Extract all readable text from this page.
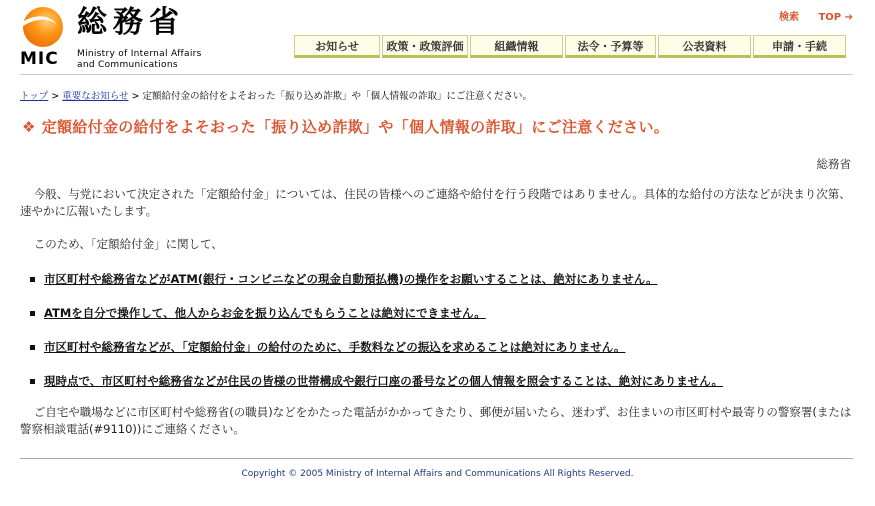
MIC
総務省
Ministry of Internal Affairs
and Communications
検索 TOP ➔
お知らせ	政策・政策評価	組織情報	法令・予算等	公表資料	申請・手続
トップ > 重要なお知らせ > 定額給付金の給付をよそおった「振り込め詐欺」や「個人情報の詐取」にご注意ください。
❖ 定額給付金の給付をよそおった「振り込め詐欺」や「個人情報の詐取」にご注意ください。
総務省
今般、与党において決定された「定額給付金」については、住民の皆様へのご連絡や給付を行う段階ではありません。具体的な給付の方法などが決まり次第、速やかに広報いたします。
このため、「定額給付金」に関して、
市区町村や総務省などがATM(銀行・コンビニなどの現金自動預払機)の操作をお願いすることは、絶対にありません。
ATMを自分で操作して、他人からお金を振り込んでもらうことは絶対にできません。
市区町村や総務省などが、「定額給付金」の給付のために、手数料などの振込を求めることは絶対にありません。
現時点で、市区町村や総務省などが住民の皆様の世帯構成や銀行口座の番号などの個人情報を照会することは、絶対にありません。
ご自宅や職場などに市区町村や総務省(の職員)などをかたった電話がかかってきたり、郵便が届いたら、迷わず、お住まいの市区町村や最寄りの警察署(または警察相談電話(#9110))にご連絡ください。
Copyright © 2005 Ministry of Internal Affairs and Communications All Rights Reserved.
